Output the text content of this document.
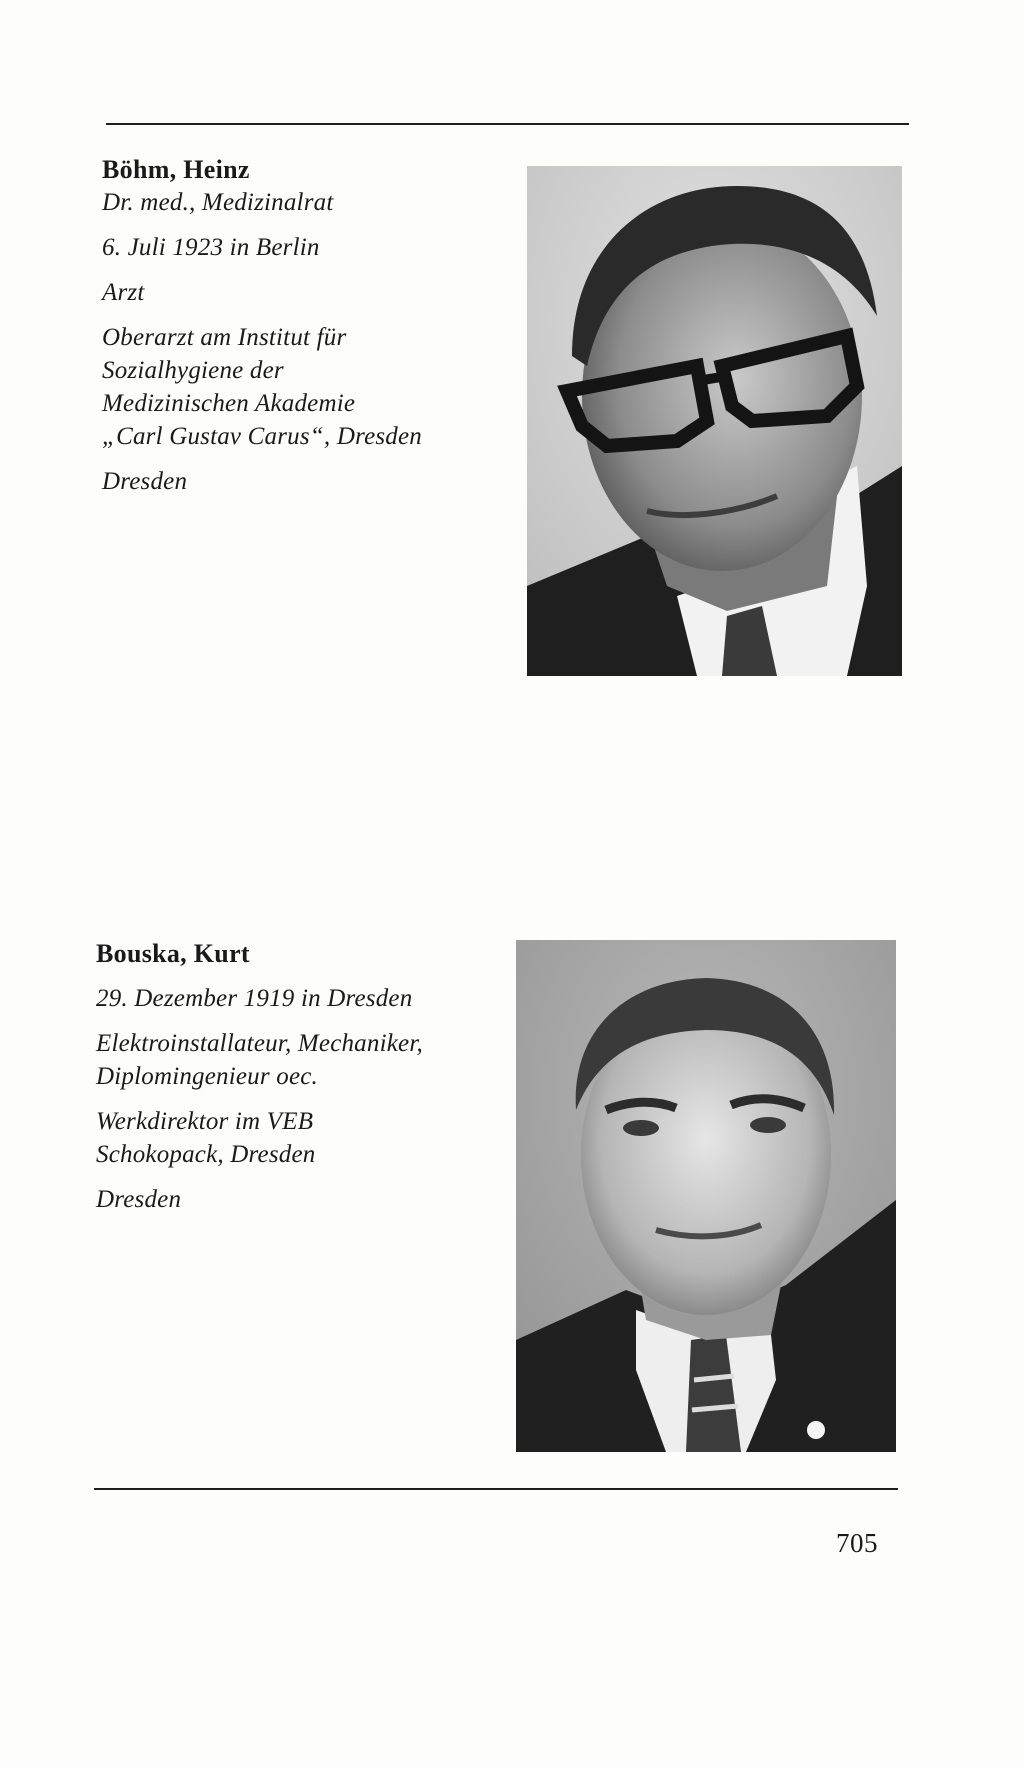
Böhm, Heinz

Dr. med., Medizinalrat

6. Juli 1923 in Berlin

Arzt

Oberarzt am Institut für

Sozialhygiene der

Medizinischen Akademie

„Carl Gustav Carus“, Dresden

Dresden

Bouska, Kurt

29. Dezember 1919 in Dresden

Elektroinstallateur, Mechaniker,

Diplomingenieur oec.

Werkdirektor im VEB

Schokopack, Dresden

Dresden

705
